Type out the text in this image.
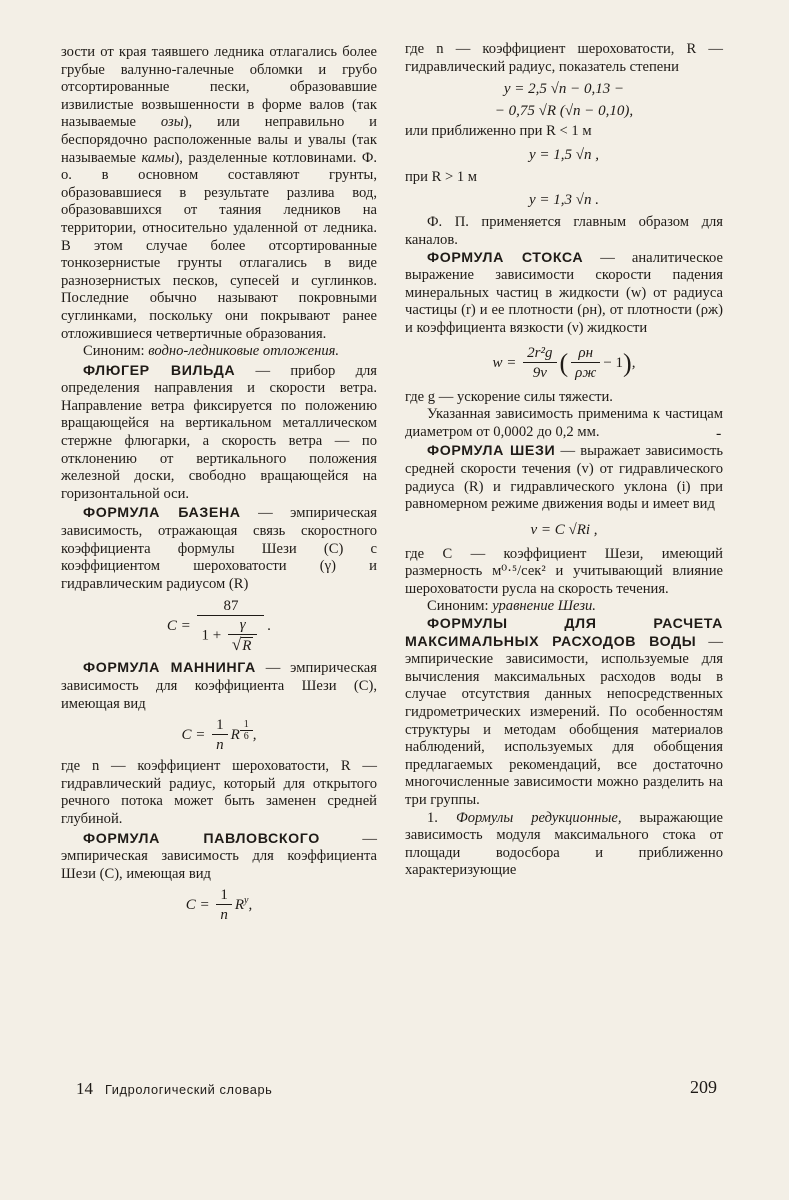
зости от края таявшего ледника отлагались более грубые валунно-галечные обломки и грубо отсортированные пески, образовавшие извилистые возвышенности в форме валов (так называемые озы), или неправильно и беспорядочно расположенные валы и увалы (так называемые камы), разделенные котловинами. Ф. о. в основном составляют грунты, образовавшиеся в результате разлива вод, образовавшихся от таяния ледников на территории, относительно удаленной от ледника. В этом случае более отсортированные тонкозернистые грунты отлагались в виде разнозернистых песков, супесей и суглинков. Последние обычно называют покровными суглинками, поскольку они покрывают ранее отложившиеся четвертичные образования.

Синоним: водно-ледниковые отложения.

ФЛЮГЕР ВИЛЬДА — прибор для определения направления и скорости ветра. Направление ветра фиксируется по положению вращающейся на вертикальном металлическом стержне флюгарки, а скорость ветра — по отклонению от вертикального положения железной доски, свободно вращающейся на горизонтальной оси.

ФОРМУЛА БАЗЕНА — эмпирическая зависимость, отражающая связь скоростного коэффициента формулы Шези (C) с коэффициентом шероховатости (γ) и гидравлическим радиусом (R)

$C = \frac{87}{1 + \frac{\gamma}{√R}}$ .

ФОРМУЛА МАННИНГА — эмпирическая зависимость для коэффициента Шези (C), имеющая вид

$C = \frac{1}{n}$ R $^{\frac{1}{6}}$ ,

где n — коэффициент шероховатости, R — гидравлический радиус, который для открытого речного потока может быть заменен средней глубиной.

ФОРМУЛА ПАВЛОВСКОГО — эмпирическая зависимость для коэффициента Шези (C), имеющая вид

$C = \frac{1}{n} R^y$,

где n — коэффициент шероховатости, R — гидравлический радиус, показатель степени

y = 2,5 √n − 0,13 −
− 0,75 √R (√n − 0,10),

или приближенно при R < 1 м

y = 1,5 √n ,

при R > 1 м

y = 1,3 √n .

Ф. П. применяется главным образом для каналов.

ФОРМУЛА СТОКСА — аналитическое выражение зависимости скорости падения минеральных частиц в жидкости (w) от радиуса частицы (r) и ее плотности (ρн), от плотности (ρж) и коэффициента вязкости (ν) жидкости

$w = \frac{\text{2r²g}}{9\nu}$ ( $\frac{\rho н}{\rho ж} - 1$),

где g — ускорение силы тяжести.

Указанная зависимость применима к частицам диаметром от 0,0002 до 0,2 мм.

ФОРМУЛА ШЕЗИ — выражает зависимость средней скорости течения (v) от гидравлического радиуса (R) и гидравлического уклона (i) при равномерном режиме движения воды и имеет вид

v = C √Ri ,

где C — коэффициент Шези, имеющий размерность м⁰·⁵/сек² и учитывающий влияние шероховатости русла на скорость течения.

Синоним: уравнение Шези.

ФОРМУЛЫ ДЛЯ РАСЧЕТА МАКСИМАЛЬНЫХ РАСХОДОВ ВОДЫ — эмпирические зависимости, используемые для вычисления максимальных расходов воды в случае отсутствия данных непосредственных гидрометрических измерений. По особенностям структуры и методам обобщения материалов наблюдений, используемых для обобщения предлагаемых рекомендаций, все достаточно многочисленные зависимости можно разделить на три группы.

1. Формулы редукционные, выражающие зависимость модуля максимального стока от площади водосбора и приближенно характеризующие

-
14 Гидрологический словарь	209
